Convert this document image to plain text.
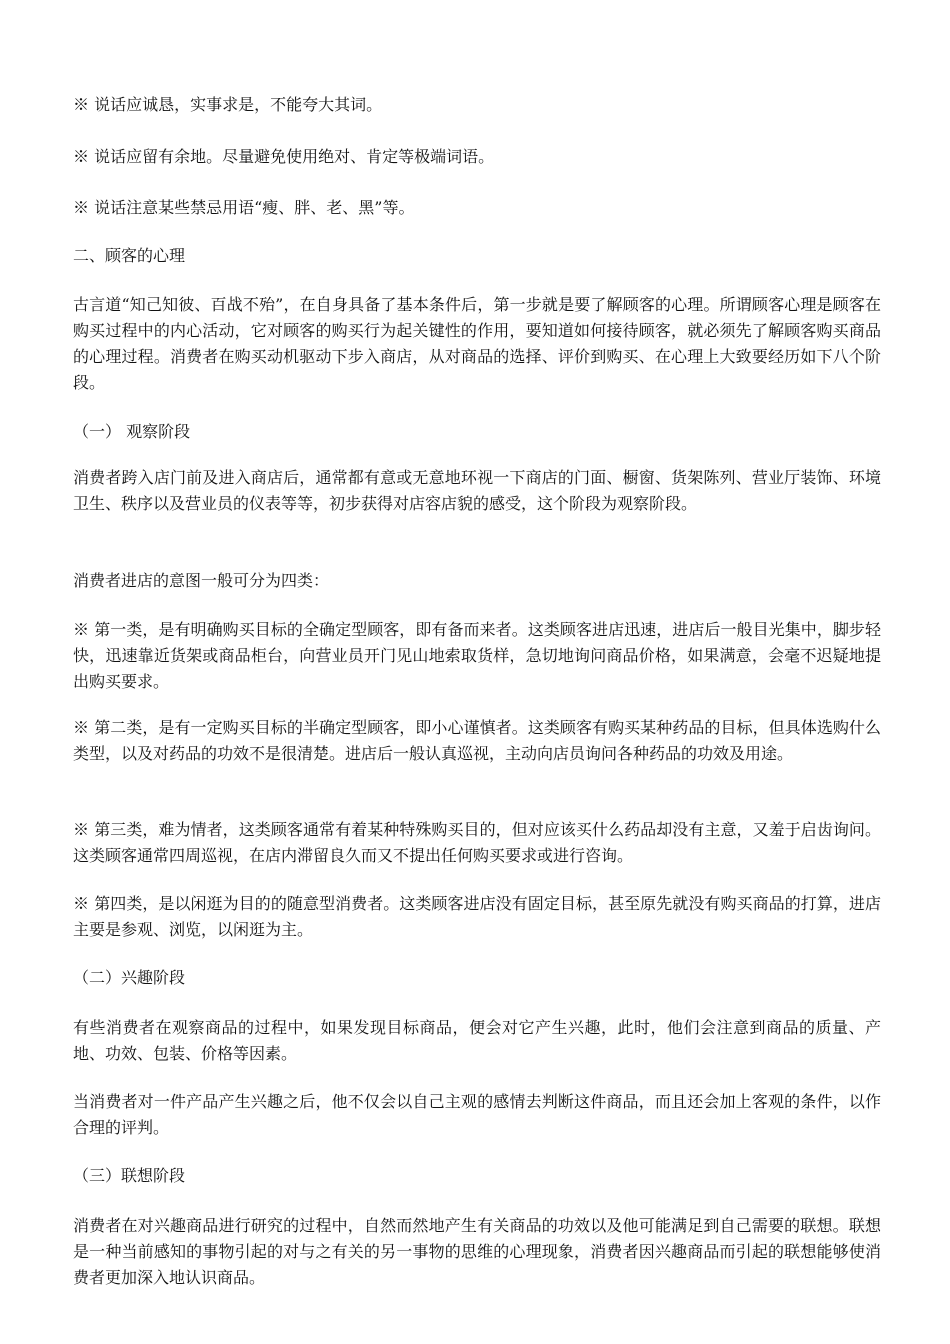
※ 说话应诚恳，实事求是，不能夸大其词。

※ 说话应留有余地。尽量避免使用绝对、肯定等极端词语。

※ 说话注意某些禁忌用语“瘦、胖、老、黑”等。

二、顾客的心理

古言道“知己知彼、百战不殆”，在自身具备了基本条件后，第一步就是要了解顾客的心理。所谓顾客心理是顾客在购买过程中的内心活动，它对顾客的购买行为起关键性的作用，要知道如何接待顾客，就必须先了解顾客购买商品的心理过程。消费者在购买动机驱动下步入商店，从对商品的选择、评价到购买、在心理上大致要经历如下八个阶段。

（一） 观察阶段

消费者跨入店门前及进入商店后，通常都有意或无意地环视一下商店的门面、橱窗、货架陈列、营业厅装饰、环境卫生、秩序以及营业员的仪表等等，初步获得对店容店貌的感受，这个阶段为观察阶段。

消费者进店的意图一般可分为四类：

※ 第一类，是有明确购买目标的全确定型顾客，即有备而来者。这类顾客进店迅速，进店后一般目光集中，脚步轻快，迅速靠近货架或商品柜台，向营业员开门见山地索取货样，急切地询问商品价格，如果满意，会毫不迟疑地提出购买要求。

※ 第二类，是有一定购买目标的半确定型顾客，即小心谨慎者。这类顾客有购买某种药品的目标，但具体选购什么类型，以及对药品的功效不是很清楚。进店后一般认真巡视，主动向店员询问各种药品的功效及用途。

※ 第三类，难为情者，这类顾客通常有着某种特殊购买目的，但对应该买什么药品却没有主意，又羞于启齿询问。这类顾客通常四周巡视，在店内滞留良久而又不提出任何购买要求或进行咨询。

※ 第四类，是以闲逛为目的的随意型消费者。这类顾客进店没有固定目标，甚至原先就没有购买商品的打算，进店主要是参观、浏览，以闲逛为主。

（二）兴趣阶段

有些消费者在观察商品的过程中，如果发现目标商品，便会对它产生兴趣，此时，他们会注意到商品的质量、产地、功效、包装、价格等因素。

当消费者对一件产品产生兴趣之后，他不仅会以自己主观的感情去判断这件商品，而且还会加上客观的条件，以作合理的评判。

（三）联想阶段

消费者在对兴趣商品进行研究的过程中，自然而然地产生有关商品的功效以及他可能满足到自己需要的联想。联想是一种当前感知的事物引起的对与之有关的另一事物的思维的心理现象，消费者因兴趣商品而引起的联想能够使消费者更加深入地认识商品。
